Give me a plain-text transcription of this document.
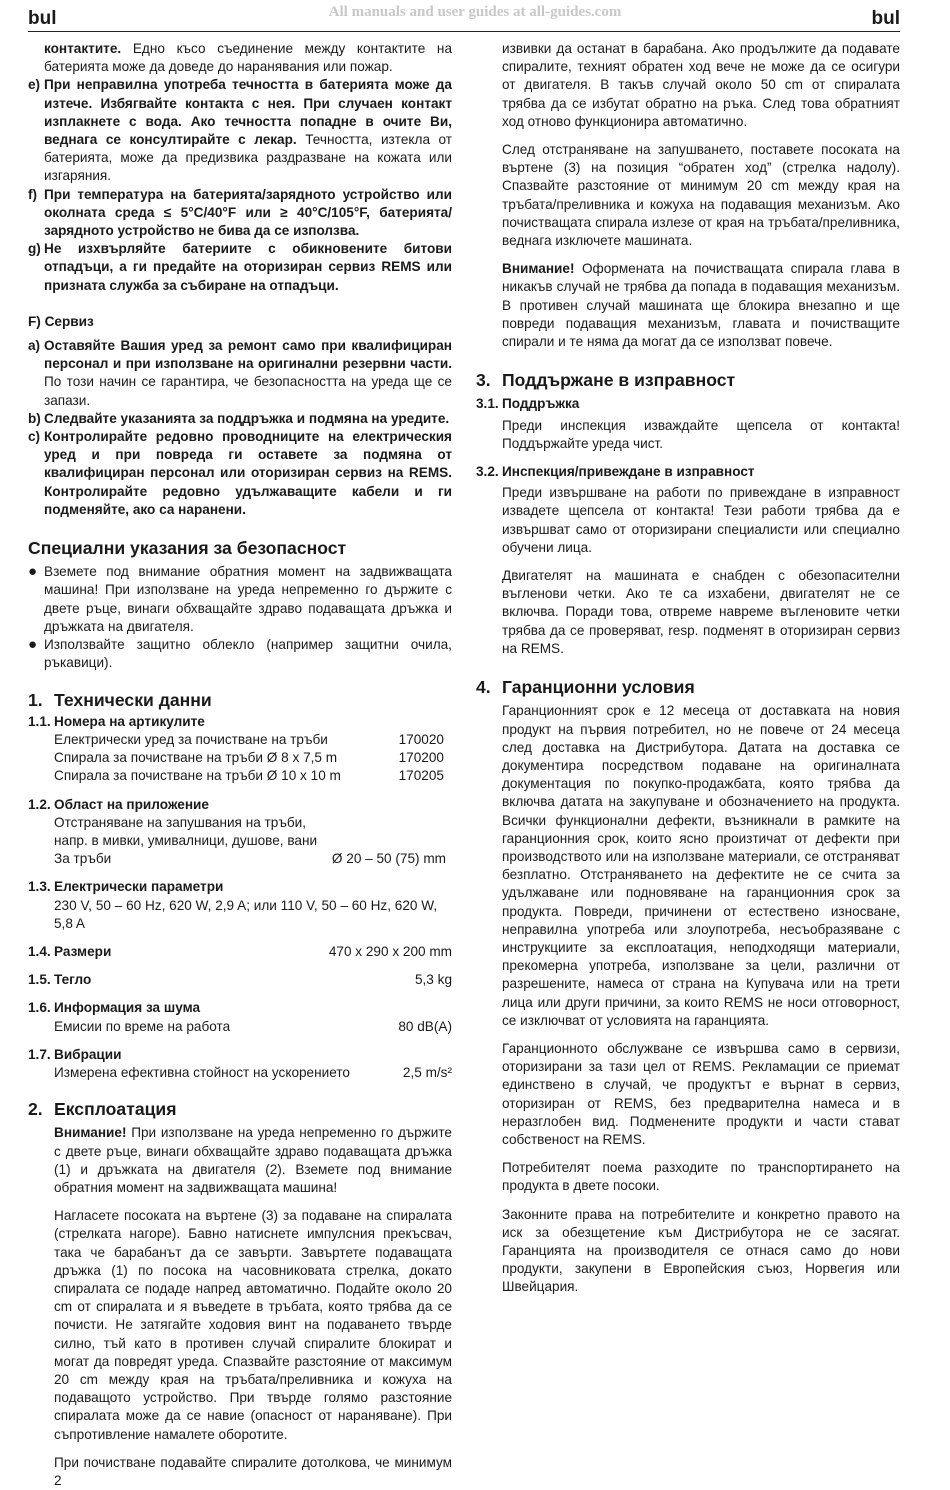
bul	All manuals and user guides at all-guides.com	bul
контактите. Едно късо съединение между контактите на батерията може да доведе до наранявания или пожар.
e) При неправилна употреба течността в батерията може да изтече. Избягвайте контакта с нея. При случаен контакт изплакнете с вода. Ако течността попадне в очите Ви, веднага се консултирайте с лекар. Течността, изтекла от батерията, може да предизвика раздразване на кожата или изгаряния.
f) При температура на батерията/зарядното устройство или околната среда ≤ 5°C/40°F или ≥ 40°C/105°F, батерията/зарядното устройство не бива да се използва.
g) Не изхвърляйте батериите с обикновените битови отпадъци, а ги предайте на оторизиран сервиз REMS или призната служба за събиране на отпадъци.

F) Сервиз

a) Оставяйте Вашия уред за ремонт само при квалифициран персонал и при използване на оригинални резервни части. По този начин се гарантира, че безопасността на уреда ще се запази.
b) Следвайте указанията за поддръжка и подмяна на уредите.
c) Контролирайте редовно проводниците на електрическия уред и при повреда ги оставете за подмяна от квалифициран персонал или оторизиран сервиз на REMS. Контролирайте редовно удължаващите кабели и ги подменяйте, ако са наранени.

Специални указания за безопасност

● Вземете под внимание обратния момент на задвижващата машина! При използване на уреда непременно го държите с двете ръце, винаги обхващайте здраво подаващата дръжка и дръжката на двигателя.
● Използвайте защитно облекло (например защитни очила, ръкавици).

1. Технически данни

1.1. Номера на артикулите

Електрически уред за почистване на тръби	170020
Спирала за почистване на тръби Ø 8 x 7,5 m	170200
Спирала за почистване на тръби Ø 10 x 10 m	170205

1.2. Област на приложение

Отстраняване на запушвания на тръби,
напр. в мивки, умивалници, душове, вани
За тръби	Ø 20 – 50 (75) mm

1.3. Електрически параметри

230 V, 50 – 60 Hz, 620 W, 2,9 A; или 110 V, 50 – 60 Hz, 620 W, 5,8 A

1.4. Размери	470 x 290 x 200 mm

1.5. Тегло	5,3 kg

1.6. Информация за шума

Емисии по време на работа	80 dB(A)

1.7. Вибрации

Измерена ефективна стойност на ускорението	2,5 m/s²

2. Експлоатация

Внимание! При използване на уреда непременно го държите с двете ръце, винаги обхващайте здраво подаващата дръжка (1) и дръжката на двигателя (2). Вземете под внимание обратния момент на задвижващата машина!

Нагласете посоката на въртене (3) за подаване на спиралата (стрелката нагоре). Бавно натиснете импулсния прекъсвач, така че барабанът да се завърти. Завъртете подаващата дръжка (1) по посока на часовниковата стрелка, докато спиралата се подаде напред автоматично. Подайте около 20 cm от спиралата и я въведете в тръбата, която трябва да се почисти. Не затягайте ходовия винт на подаването твърде силно, тъй като в противен случай спиралите блокират и могат да повредят уреда. Спазвайте разстояние от максимум 20 cm между края на тръбата/преливника и кожуха на подаващото устройство. При твърде голямо разстояние спиралата може да се навие (опасност от нараняване). При съпротивление намалете оборотите.

При почистване подавайте спиралите дотолкова, че минимум 2

извивки да останат в барабана. Ако продължите да подавате спиралите, техният обратен ход вече не може да се осигури от двигателя. В такъв случай около 50 cm от спиралата трябва да се избутат обратно на ръка. След това обратният ход отново функционира автоматично.

След отстраняване на запушването, поставете посоката на въртене (3) на позиция “обратен ход” (стрелка надолу). Спазвайте разстояние от минимум 20 cm между края на тръбата/преливника и кожуха на подаващия механизъм. Ако почистващата спирала излезе от края на тръбата/преливника, веднага изключете машината.

Внимание! Оформената на почистващата спирала глава в никакъв случай не трябва да попада в подаващия механизъм. В противен случай машината ще блокира внезапно и ще повреди подаващия механизъм, главата и почистващите спирали и те няма да могат да се използват повече.

3. Поддържане в изправност

3.1. Поддръжка

Преди инспекция изваждайте щепсела от контакта! Поддържайте уреда чист.

3.2. Инспекция/привеждане в изправност

Преди извършване на работи по привеждане в изправност извадете щепсела от контакта! Тези работи трябва да е извършват само от оторизирани специалисти или специално обучени лица.

Двигателят на машината е снабден с обезопасителни въгленови четки. Ако те са изхабени, двигателят не се включва. Поради това, отвреме навреме въгленовите четки трябва да се проверяват, resp. подменят в оторизиран сервиз на REMS.

4. Гаранционни условия

Гаранционният срок е 12 месеца от доставката на новия продукт на първия потребител, но не повече от 24 месеца след доставка на Дистрибутора. Датата на доставка се документира посредством подаване на оригиналната документация по покупко-продажбата, която трябва да включва датата на закупуване и обозначението на продукта. Всички функционални дефекти, възникнали в рамките на гаранционния срок, които ясно произтичат от дефекти при производството или на използване материали, се отстраняват безплатно. Отстраняването на дефектите не се счита за удължаване или подновяване на гаранционния срок за продукта. Повреди, причинени от естествено износване, неправилна употреба или злоупотреба, несъобразяване с инструкциите за експлоатация, неподходящи материали, прекомерна употреба, използване за цели, различни от разрешените, намеса от страна на Купувача или на трети лица или други причини, за които REMS не носи отговорност, се изключват от условията на гаранцията.

Гаранционното обслужване се извършва само в сервизи, оторизирани за тази цел от REMS. Рекламации се приемат единствено в случай, че продуктът е върнат в сервиз, оторизиран от REMS, без предварителна намеса и в неразглобен вид. Подменените продукти и части стават собственост на REMS.

Потребителят поема разходите по транспортирането на продукта в двете посоки.

Законните права на потребителите и конкретно правото на иск за обезщетение към Дистрибутора не се засягат. Гаранцията на производителя се отнася само до нови продукти, закупени в Европейския съюз, Норвегия или Швейцария.
